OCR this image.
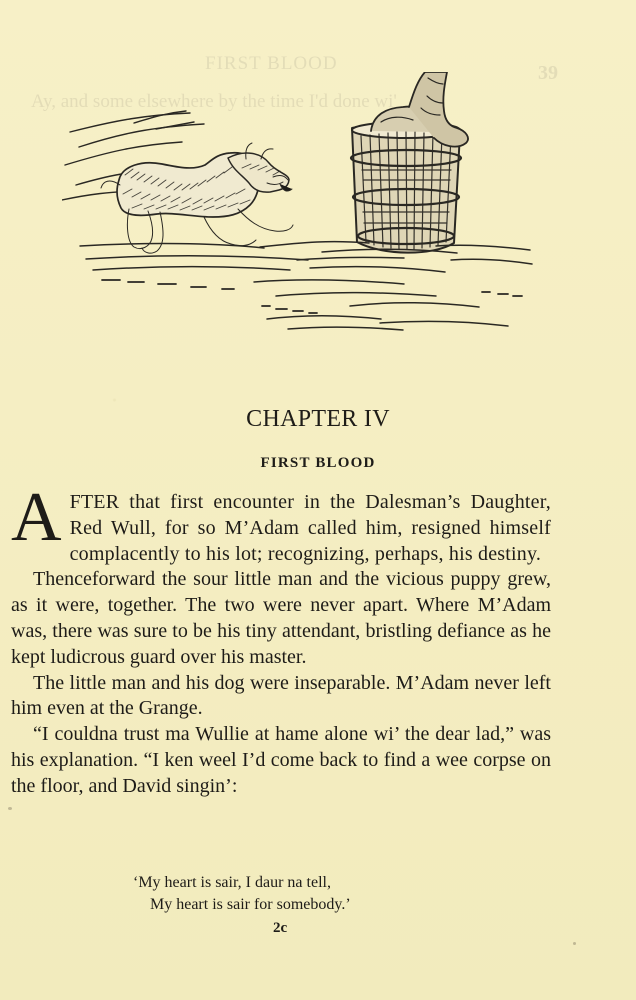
FIRST BLOOD	39
Ay, and some elsewhere by the time I'd done wi'
CHAPTER IV
FIRST BLOOD

A FTER that first encounter in the Dalesman’s Daughter, Red Wull, for so M’Adam called him, resigned himself complacently to his lot; recognizing, perhaps, his destiny.

Thenceforward the sour little man and the vicious puppy grew, as it were, together. The two were never apart. Where M’Adam was, there was sure to be his tiny attendant, bristling defiance as he kept ludicrous guard over his master.

The little man and his dog were inseparable. M’Adam never left him even at the Grange.

“I couldna trust ma Wullie at hame alone wi’ the dear lad,” was his explanation. “I ken weel I’d come back to find a wee corpse on the floor, and David singin’:

‘My heart is sair, I daur na tell,
My heart is sair for somebody.’
2c
